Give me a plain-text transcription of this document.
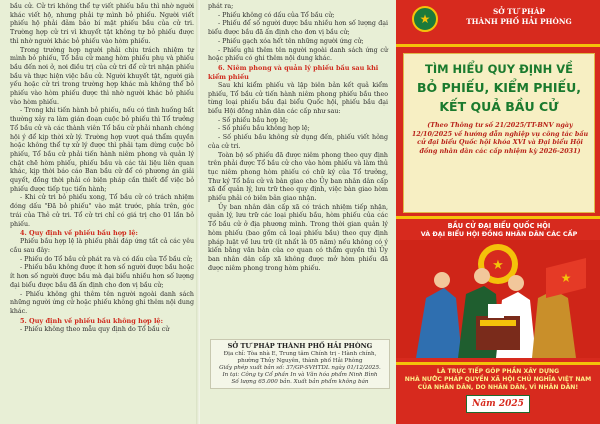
bầu cử. Cử tri không thể tự viết phiếu bầu thì nhờ người khác viết hộ, nhưng phải tự mình bỏ phiếu. Người viết phiếu hộ phải đảm bảo bí mật phiếu bầu của cử tri. Trường hợp cử tri vì khuyết tật không tự bỏ phiếu được thì nhờ người khác bỏ phiếu vào hòm phiếu.

Trong trường hợp người phải chịu trách nhiệm tự mình bỏ phiếu, Tổ bầu cử mang hòm phiếu phụ và phiếu bầu đến nơi ở, nơi điều trị của cử tri để cử tri nhận phiếu bầu và thực hiện việc bầu cử. Người khuyết tật, người già yếu hoặc cử tri trong trường hợp khác mà không thể bỏ phiếu vào hòm phiếu được thì nhờ người khác bỏ phiếu vào hòm phiếu.

- Trong khi tiến hành bỏ phiếu, nếu có tình huống bất thường xảy ra làm gián đoạn cuộc bỏ phiếu thì Tổ trưởng Tổ bầu cử và các thành viên Tổ bầu cử phải nhanh chóng hội ý để kịp thời xử lý. Trường hợp vượt quá thẩm quyền hoặc không thể tự xử lý được thì phải tạm dừng cuộc bỏ phiếu, Tổ bầu cử phải tiến hành niêm phong và quản lý chặt chẽ hòm phiếu, phiếu bầu và các tài liệu liên quan khác, kịp thời báo cáo Ban bầu cử để có phương án giải quyết, đồng thời phải có biện pháp cần thiết để việc bỏ phiếu được tiếp tục tiến hành;

- Khi cử tri bỏ phiếu xong, Tổ bầu cử có trách nhiệm đóng dấu "Đã bỏ phiếu" vào mặt trước, phía trên, góc trái của Thẻ cử tri. Tổ cử tri chỉ có giá trị cho 01 lần bỏ phiếu.

4. Quy định về phiếu bầu hợp lệ:

Phiếu bầu hợp lệ là phiếu phải đáp ứng tất cả các yêu cầu sau đây:

- Phiếu do Tổ bầu cử phát ra và có dấu của Tổ bầu cử;

- Phiếu bầu không được ít hơn số người được bầu hoặc ít hơn số người được bầu mà đại biểu nhiều hơn số lượng đại biểu được bầu đã ấn định cho đơn vị bầu cử;

- Phiếu không ghi thêm tên người ngoài danh sách những người ứng cử hoặc phiếu không ghi thêm nội dung khác.

5. Quy định về phiếu bầu không hợp lệ:

- Phiếu không theo mẫu quy định do Tổ bầu cử

phát ra;

- Phiếu không có dấu của Tổ bầu cử;

- Phiếu để số người được bầu nhiều hơn số lượng đại biểu được bầu đã ấn định cho đơn vị bầu cử;

- Phiếu gạch xóa hết tên những người ứng cử;

- Phiếu ghi thêm tên người ngoài danh sách ứng cử hoặc phiếu có ghi thêm nội dung khác.

6. Niêm phong và quản lý phiếu bầu sau khi kiểm phiếu

Sau khi kiểm phiếu và lập biên bản kết quả kiểm phiếu, Tổ bầu cử tiến hành niêm phong phiếu bầu theo từng loại phiếu bầu đại biểu Quốc hội, phiếu bầu đại biểu Hội đồng nhân dân các cấp như sau:

- Số phiếu bầu hợp lệ;

- Số phiếu bầu không hợp lệ;

- Số phiếu bầu không sử dụng đến, phiếu viết hỏng của cử tri.

Toàn bộ số phiếu đã được niêm phong theo quy định trên phải được Tổ bầu cử cho vào hòm phiếu và làm thủ tục niêm phong hòm phiếu có chữ ký của Tổ trưởng, Thư ký Tổ bầu cử và bàn giao cho Ủy ban nhân dân cấp xã để quản lý, lưu trữ theo quy định, việc bàn giao hòm phiếu phải có biên bản giao nhận.

Ủy ban nhân dân cấp xã có trách nhiệm tiếp nhận, quản lý, lưu trữ các loại phiếu bầu, hòm phiếu của các Tổ bầu cử ở địa phương mình. Trong thời gian quản lý hòm phiếu (bao gồm cả loại phiếu bầu) theo quy định pháp luật về lưu trữ (ít nhất là 05 năm) nếu không có ý kiến bằng văn bản của cơ quan có thẩm quyền thì Ủy ban nhân dân cấp xã không được mở hòm phiếu đã được niêm phong trong hòm phiếu.

SỞ TƯ PHÁP THÀNH PHỐ HẢI PHÒNG
Địa chỉ: Tòa nhà E, Trung tâm Chính trị - Hành chính, phường Thủy Nguyên, thành phố Hải Phòng
Giấy phép xuất bản số: 37/GP-SVHTDL ngày 01/12/2025.
In tại: Công ty Cổ phần In và Văn hóa phẩm Ninh Bình
Số lượng 65.000 bản. Xuất bản phẩm không bán
★
SỞ TƯ PHÁP
THÀNH PHỐ HẢI PHÒNG
TÌM HIỂU QUY ĐỊNH VỀ
BỎ PHIẾU, KIỂM PHIẾU,
KẾT QUẢ BẦU CỬ
(Theo Thông tư số 21/2025/TT-BNV ngày 12/10/2025 về hướng dẫn nghiệp vụ công tác bầu cử đại biểu Quốc hội khóa XVI và Đại biểu Hội đồng nhân dân các cấp nhiệm kỳ 2026-2031)
BẦU CỬ ĐẠI BIỂU QUỐC HỘI
VÀ ĐẠI BIỂU HỘI ĐỒNG NHÂN DÂN CÁC CẤP
★
★
LÀ TRỰC TIẾP GÓP PHẦN XÂY DỰNG
NHÀ NƯỚC PHÁP QUYỀN XÃ HỘI CHỦ NGHĨA VIỆT NAM
CỦA NHÂN DÂN, DO NHÂN DÂN, VÌ NHÂN DÂN!
Năm 2025
